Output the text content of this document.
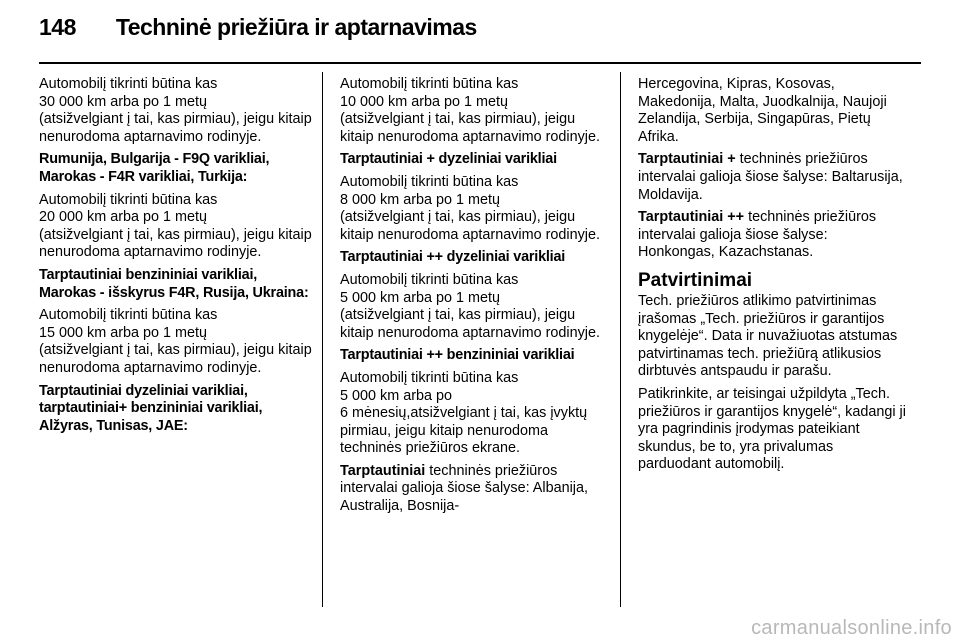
148 Techninė priežiūra ir aptarnavimas

Automobilį tikrinti būtina kas
30 000 km arba po 1 metų
(atsižvelgiant į tai, kas pirmiau), jeigu kitaip nenurodoma aptarnavimo rodinyje.

Rumunija, Bulgarija - F9Q varikliai, Marokas - F4R varikliai, Turkija:

Automobilį tikrinti būtina kas
20 000 km arba po 1 metų
(atsižvelgiant į tai, kas pirmiau), jeigu kitaip nenurodoma aptarnavimo rodinyje.

Tarptautiniai benzininiai varikliai, Marokas - išskyrus F4R, Rusija, Ukraina:

Automobilį tikrinti būtina kas
15 000 km arba po 1 metų
(atsižvelgiant į tai, kas pirmiau), jeigu kitaip nenurodoma aptarnavimo rodinyje.

Tarptautiniai dyzeliniai varikliai, tarptautiniai+ benzininiai varikliai, Alžyras, Tunisas, JAE:

Automobilį tikrinti būtina kas
10 000 km arba po 1 metų
(atsižvelgiant į tai, kas pirmiau), jeigu kitaip nenurodoma aptarnavimo rodinyje.

Tarptautiniai + dyzeliniai varikliai

Automobilį tikrinti būtina kas
8 000 km arba po 1 metų
(atsižvelgiant į tai, kas pirmiau), jeigu kitaip nenurodoma aptarnavimo rodinyje.

Tarptautiniai ++ dyzeliniai varikliai

Automobilį tikrinti būtina kas
5 000 km arba po 1 metų
(atsižvelgiant į tai, kas pirmiau), jeigu kitaip nenurodoma aptarnavimo rodinyje.

Tarptautiniai ++ benzininiai varikliai

Automobilį tikrinti būtina kas
5 000 km arba po
6 mėnesių,atsižvelgiant į tai, kas įvyktų pirmiau, jeigu kitaip nenurodoma techninės priežiūros ekrane.

Tarptautiniai techninės priežiūros intervalai galioja šiose šalyse: Albanija, Australija, Bosnija-

Hercegovina, Kipras, Kosovas, Makedonija, Malta, Juodkalnija, Naujoji Zelandija, Serbija, Singapūras, Pietų Afrika.

Tarptautiniai + techninės priežiūros intervalai galioja šiose šalyse: Baltarusija, Moldavija.

Tarptautiniai ++ techninės priežiūros intervalai galioja šiose šalyse: Honkongas, Kazachstanas.

Patvirtinimai

Tech. priežiūros atlikimo patvirtinimas įrašomas „Tech. priežiūros ir garantijos knygelėje“. Data ir nuvažiuotas atstumas patvirtinamas tech. priežiūrą atlikusios dirbtuvės antspaudu ir parašu.

Patikrinkite, ar teisingai užpildyta „Tech. priežiūros ir garantijos knygelė“, kadangi ji yra pagrindinis įrodymas pateikiant skundus, be to, yra privalumas parduodant automobilį.

carmanualsonline.info
